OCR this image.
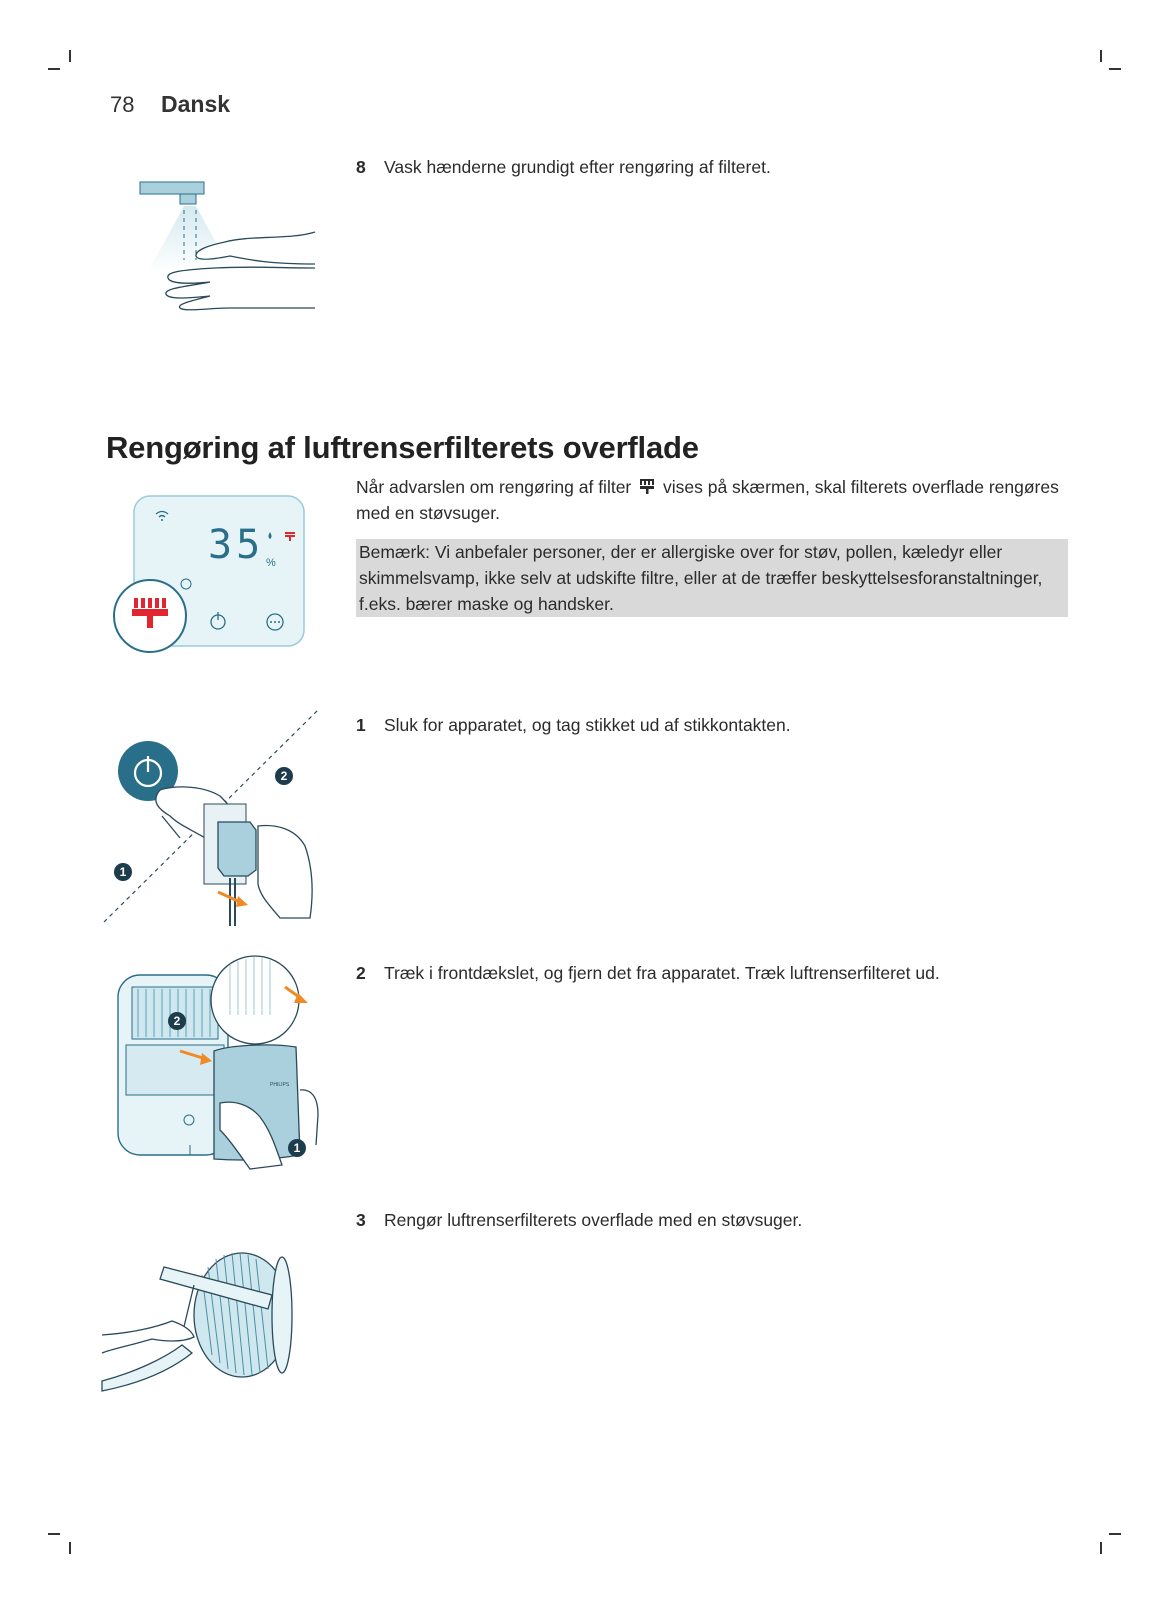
78 Dansk
8 Vask hænderne grundigt efter rengøring af filteret.
Rengøring af luftrenserfilterets overflade
Når advarslen om rengøring af filter vises på skærmen, skal filterets overflade rengøres med en støvsuger.
Bemærk: Vi anbefaler personer, der er allergiske over for støv, pollen, kæledyr eller skimmelsvamp, ikke selv at udskifte filtre, eller at de træffer beskyttelsesforanstaltninger, f.eks. bærer maske og handsker.
35 %
1 Sluk for apparatet, og tag stikket ud af stikkontakten.
2
1
2 Træk i frontdækslet, og fjern det fra apparatet. Træk luftrenserfilteret ud.
PHILIPS
2
1
3 Rengør luftrenserfilterets overflade med en støvsuger.
